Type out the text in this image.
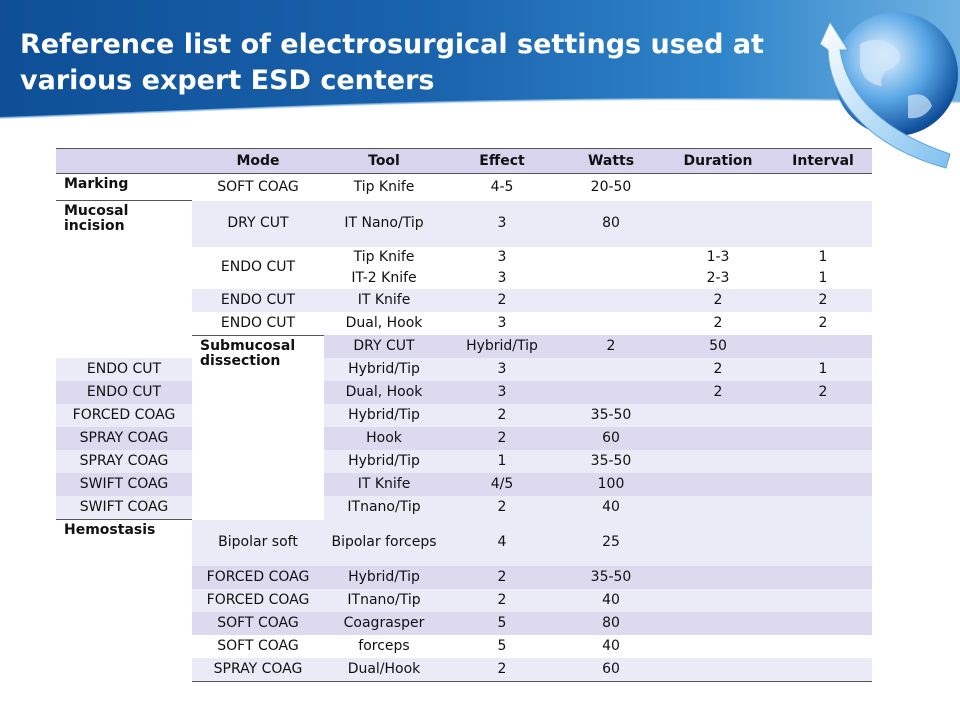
Reference list of electrosurgical settings used at various expert ESD centers
	Mode	Tool	Effect	Watts	Duration	Interval	
Marking	SOFT COAG	Tip Knife	4-5	20-50			
Mucosal incision	DRY CUT	IT Nano/Tip	3	80			
	ENDO CUT	Tip Knife	3		1-3	1	
		IT-2 Knife	3		2-3	1	
	ENDO CUT	IT Knife	2		2	2	
	ENDO CUT	Dual, Hook	3		2	2	
	Submucosal dissection	DRY CUT	Hybrid/Tip	2	50		
ENDO CUT		Hybrid/Tip	3		2	1	
ENDO CUT		Dual, Hook	3		2	2	
FORCED COAG		Hybrid/Tip	2	35-50			
SPRAY COAG		Hook	2	60			
SPRAY COAG		Hybrid/Tip	1	35-50			
SWIFT COAG		IT Knife	4/5	100			
SWIFT COAG		ITnano/Tip	2	40			
Hemostasis	Bipolar soft	Bipolar forceps	4	25			
	FORCED COAG	Hybrid/Tip	2	35-50			
	FORCED COAG	ITnano/Tip	2	40			
	SOFT COAG	Coagrasper	5	80			
	SOFT COAG	forceps	5	40			
	SPRAY COAG	Dual/Hook	2	60			
